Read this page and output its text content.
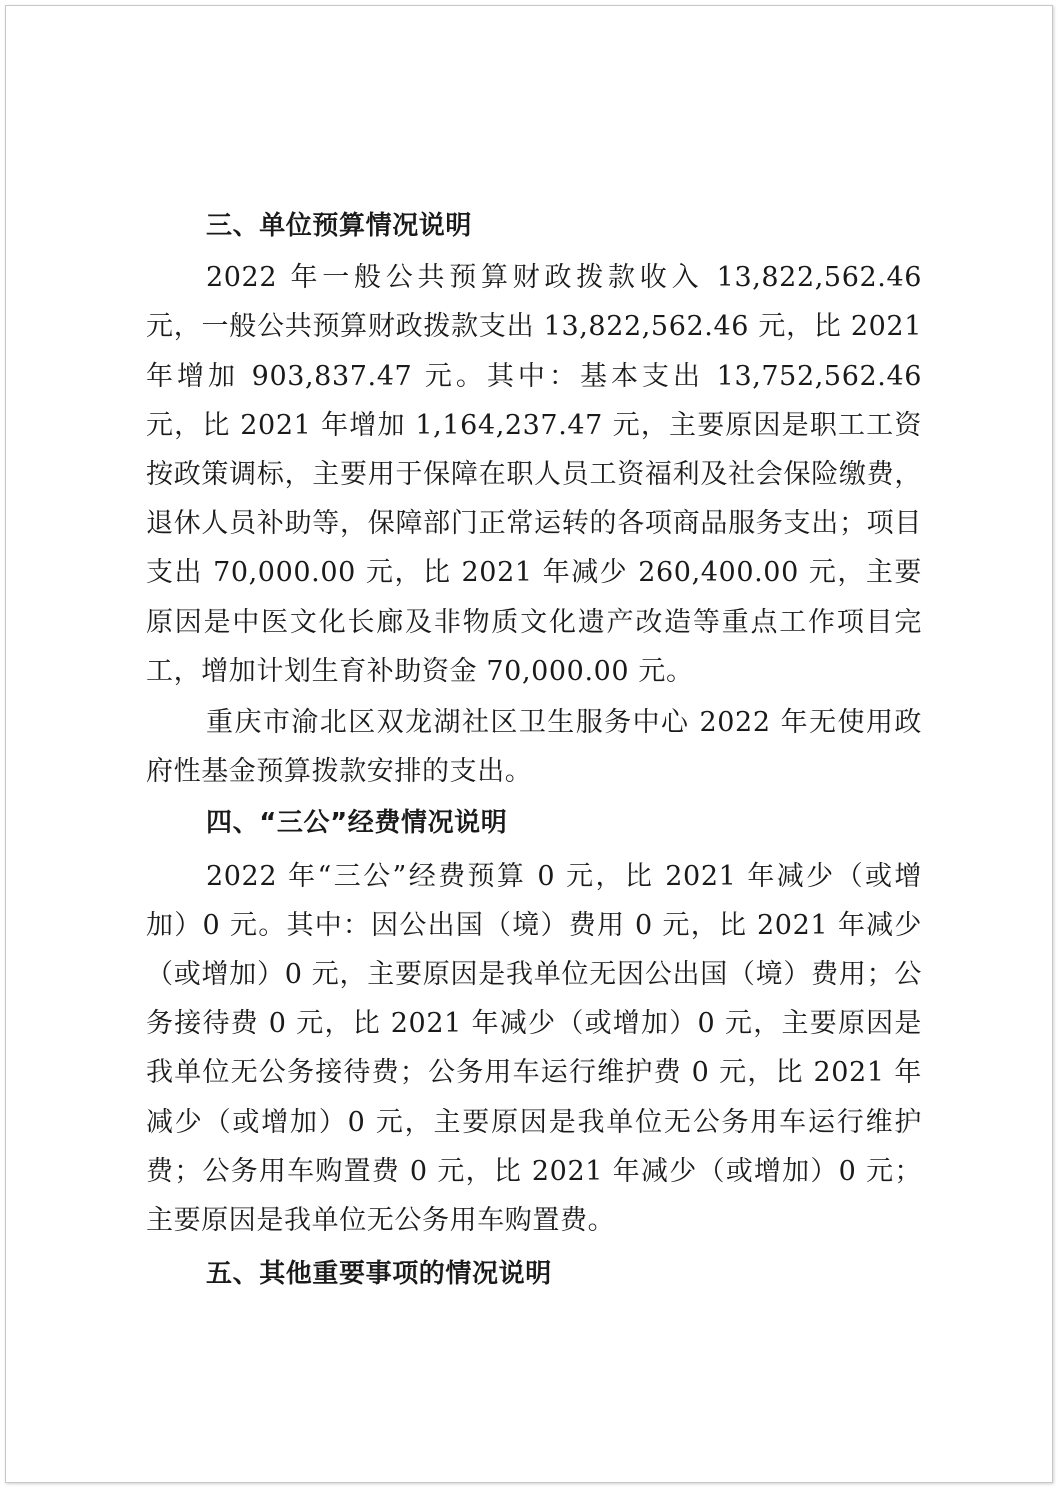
三、单位预算情况说明

2022 年一般公共预算财政拨款收入 13,822,562.46 元，一般公共预算财政拨款支出 13,822,562.46 元，比 2021 年增加 903,837.47 元。其中：基本支出 13,752,562.46 元，比 2021 年增加 1,164,237.47 元，主要原因是职工工资按政策调标，主要用于保障在职人员工资福利及社会保险缴费，退休人员补助等，保障部门正常运转的各项商品服务支出；项目支出 70,000.00 元，比 2021 年减少 260,400.00 元，主要原因是中医文化长廊及非物质文化遗产改造等重点工作项目完工，增加计划生育补助资金 70,000.00 元。

重庆市渝北区双龙湖社区卫生服务中心 2022 年无使用政府性基金预算拨款安排的支出。

四、“三公”经费情况说明

2022 年“三公”经费预算 0 元，比 2021 年减少（或增加）0 元。其中：因公出国（境）费用 0 元，比 2021 年减少（或增加）0 元，主要原因是我单位无因公出国（境）费用；公务接待费 0 元，比 2021 年减少（或增加）0 元，主要原因是我单位无公务接待费；公务用车运行维护费 0 元，比 2021 年减少（或增加）0 元，主要原因是我单位无公务用车运行维护费；公务用车购置费 0 元，比 2021 年减少（或增加）0 元；主要原因是我单位无公务用车购置费。

五、其他重要事项的情况说明
